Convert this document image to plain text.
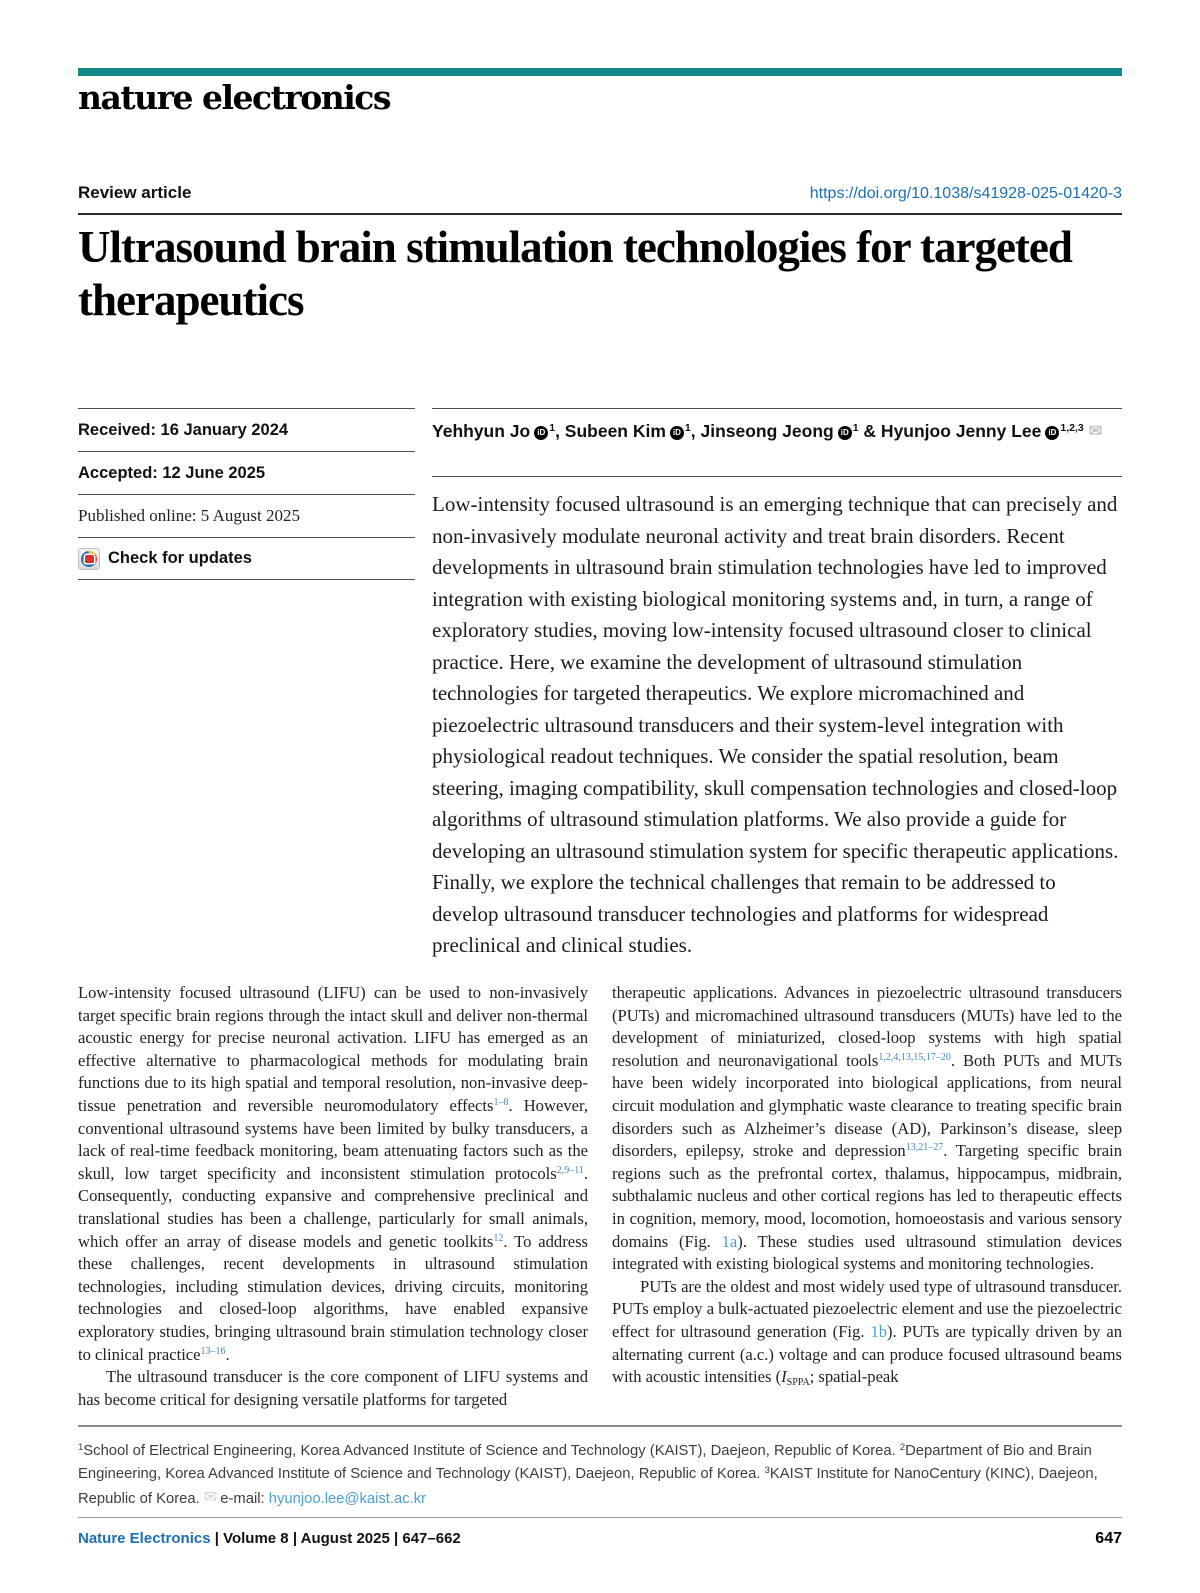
nature electronics
Review article	https://doi.org/10.1038/s41928-025-01420-3
Ultrasound brain stimulation technologies for targeted therapeutics
Received: 16 January 2024
Accepted: 12 June 2025
Published online: 5 August 2025
Check for updates
Yehhyun Jo iD $^1$, Subeen Kim iD $^1$, Jinseong Jeong iD $^1$ & Hyunjoo Jenny Lee iD $^{1,2,3}$ ✉

Low-intensity focused ultrasound is an emerging technique that can precisely and non-invasively modulate neuronal activity and treat brain disorders. Recent developments in ultrasound brain stimulation technologies have led to improved integration with existing biological monitoring systems and, in turn, a range of exploratory studies, moving low-intensity focused ultrasound closer to clinical practice. Here, we examine the development of ultrasound stimulation technologies for targeted therapeutics. We explore micromachined and piezoelectric ultrasound transducers and their system-level integration with physiological readout techniques. We consider the spatial resolution, beam steering, imaging compatibility, skull compensation technologies and closed-loop algorithms of ultrasound stimulation platforms. We also provide a guide for developing an ultrasound stimulation system for specific therapeutic applications. Finally, we explore the technical challenges that remain to be addressed to develop ultrasound transducer technologies and platforms for widespread preclinical and clinical studies.

Low-intensity focused ultrasound (LIFU) can be used to non-invasively target specific brain regions through the intact skull and deliver non-thermal acoustic energy for precise neuronal activation. LIFU has emerged as an effective alternative to pharmacological methods for modulating brain functions due to its high spatial and temporal resolution, non-invasive deep-tissue penetration and reversible neuromodulatory effects$^{1-8}$. However, conventional ultrasound systems have been limited by bulky transducers, a lack of real-time feedback monitoring, beam attenuating factors such as the skull, low target specificity and inconsistent stimulation protocols$^{2,9-11}$. Consequently, conducting expansive and comprehensive preclinical and translational studies has been a challenge, particularly for small animals, which offer an array of disease models and genetic toolkits$^{12}$. To address these challenges, recent developments in ultrasound stimulation technologies, including stimulation devices, driving circuits, monitoring technologies and closed-loop algorithms, have enabled expansive exploratory studies, bringing ultrasound brain stimulation technology closer to clinical practice$^{13-16}$.

The ultrasound transducer is the core component of LIFU systems and has become critical for designing versatile platforms for targeted

therapeutic applications. Advances in piezoelectric ultrasound transducers (PUTs) and micromachined ultrasound transducers (MUTs) have led to the development of miniaturized, closed-loop systems with high spatial resolution and neuronavigational tools$^{1,2,4,13,15,17-20}$. Both PUTs and MUTs have been widely incorporated into biological applications, from neural circuit modulation and glymphatic waste clearance to treating specific brain disorders such as Alzheimer’s disease (AD), Parkinson’s disease, sleep disorders, epilepsy, stroke and depression$^{13,21-27}$. Targeting specific brain regions such as the prefrontal cortex, thalamus, hippocampus, midbrain, subthalamic nucleus and other cortical regions has led to therapeutic effects in cognition, memory, mood, locomotion, homoeostasis and various sensory domains (Fig. 1a). These studies used ultrasound stimulation devices integrated with existing biological systems and monitoring technologies.

PUTs are the oldest and most widely used type of ultrasound transducer. PUTs employ a bulk-actuated piezoelectric element and use the piezoelectric effect for ultrasound generation (Fig. 1b). PUTs are typically driven by an alternating current (a.c.) voltage and can produce focused ultrasound beams with acoustic intensities ($I_{SPPA}$; spatial-peak

$^1$School of Electrical Engineering, Korea Advanced Institute of Science and Technology (KAIST), Daejeon, Republic of Korea. $^2$Department of Bio and Brain Engineering, Korea Advanced Institute of Science and Technology (KAIST), Daejeon, Republic of Korea. $^3$KAIST Institute for NanoCentury (KINC), Daejeon, Republic of Korea. ✉ e-mail: hyunjoo.lee@kaist.ac.kr
Nature Electronics | Volume 8 | August 2025 | 647–662	647
